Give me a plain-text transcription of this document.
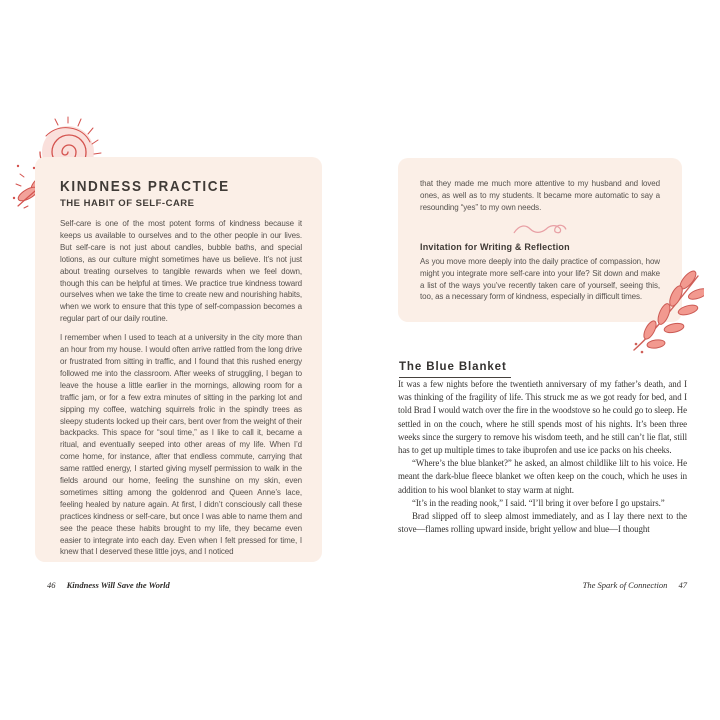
KINDNESS PRACTICE
THE HABIT OF SELF-CARE

Self-care is one of the most potent forms of kindness because it keeps us available to ourselves and to the other people in our lives. But self-care is not just about candles, bubble baths, and special lotions, as our culture might sometimes have us believe. It’s not just about treating ourselves to tangible rewards when we feel down, though this can be helpful at times. We practice true kindness toward ourselves when we take the time to create new and nourishing habits, when we work to ensure that this type of self-compassion becomes a regular part of our daily routine.

I remember when I used to teach at a university in the city more than an hour from my house. I would often arrive rattled from the long drive or frustrated from sitting in traffic, and I found that this rushed energy followed me into the classroom. After weeks of struggling, I began to leave the house a little earlier in the mornings, allowing room for a traffic jam, or for a few extra minutes of sitting in the parking lot and sipping my coffee, watching squirrels frolic in the spindly trees as sleepy students locked up their cars, bent over from the weight of their backpacks. This space for “soul time,” as I like to call it, became a ritual, and eventually seeped into other areas of my life. When I’d come home, for instance, after that endless commute, carrying that same rattled energy, I started giving myself permission to walk in the fields around our home, feeling the sunshine on my skin, even sometimes sitting among the goldenrod and Queen Anne’s lace, feeling healed by nature again. At first, I didn’t consciously call these practices kindness or self-care, but once I was able to name them and see the peace these habits brought to my life, they became even easier to integrate into each day. Even when I felt pressed for time, I knew that I deserved these little joys, and I noticed

46 Kindness Will Save the World

that they made me much more attentive to my husband and loved ones, as well as to my students. It became more automatic to say a resounding “yes” to my own needs.

Invitation for Writing & Reflection

As you move more deeply into the daily practice of compassion, how might you integrate more self-care into your life? Sit down and make a list of the ways you’ve recently taken care of yourself, seeing this, too, as a necessary form of kindness, especially in difficult times.

The Blue Blanket

It was a few nights before the twentieth anniversary of my father’s death, and I was thinking of the fragility of life. This struck me as we got ready for bed, and I told Brad I would watch over the fire in the woodstove so he could go to sleep. He settled in on the couch, where he still spends most of his nights. It’s been three weeks since the surgery to remove his wisdom teeth, and he still can’t lie flat, still has to get up multiple times to take ibuprofen and use ice packs on his cheeks.

“Where’s the blue blanket?” he asked, an almost childlike lilt to his voice. He meant the dark-blue fleece blanket we often keep on the couch, which he uses in addition to his wool blanket to stay warm at night.

“It’s in the reading nook,” I said. “I’ll bring it over before I go upstairs.”

Brad slipped off to sleep almost immediately, and as I lay there next to the stove—flames rolling upward inside, bright yellow and blue—I thought

The Spark of Connection 47
